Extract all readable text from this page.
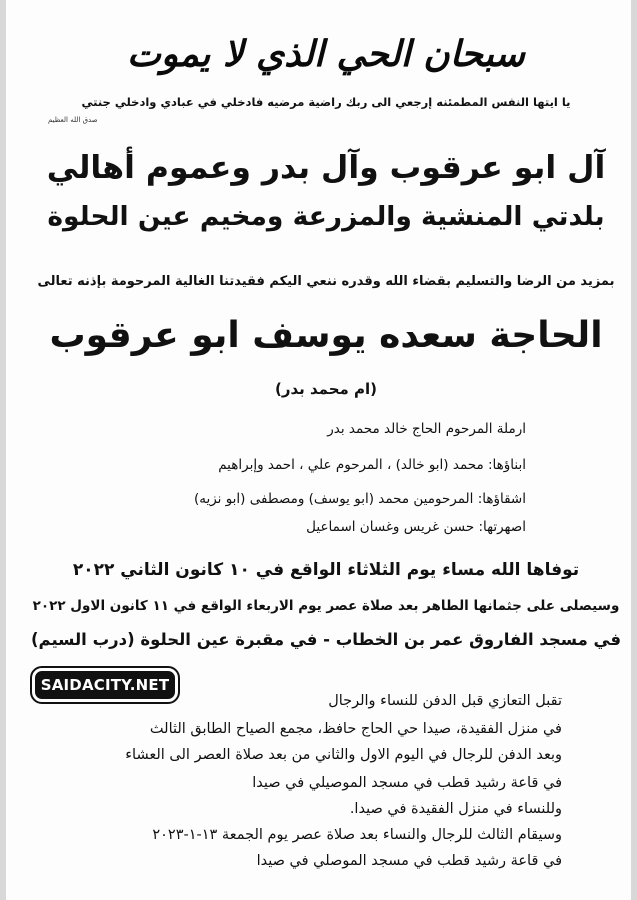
سبحان الحي الذي لا يموت
يا ايتها النفس المطمئنه إرجعي الى ربك راضية مرضيه فادخلي في عبادي وادخلي جنتي
صدق الله العظيم
آل ابو عرقوب وآل بدر وعموم أهالي
بلدتي المنشية والمزرعة ومخيم عين الحلوة
بمزيد من الرضا والتسليم بقضاء الله وقدره ننعي اليكم فقيدتنا الغالية المرحومة بإذنه تعالى
الحاجة سعده يوسف ابو عرقوب
(ام محمد بدر)
ارملة المرحوم الحاج خالد محمد بدر
ابناؤها: محمد (ابو خالد) ، المرحوم علي ، احمد وإبراهيم
اشقاؤها: المرحومين محمد (ابو يوسف) ومصطفى (ابو نزيه)
اصهرتها: حسن غريس وغسان اسماعيل
توفاها الله مساء يوم الثلاثاء الواقع في ١٠ كانون الثاني ٢٠٢٢
وسيصلى على جثمانها الطاهر بعد صلاة عصر يوم الاربعاء الواقع في ١١ كانون الاول ٢٠٢٢
في مسجد الفاروق عمر بن الخطاب - في مقبرة عين الحلوة (درب السيم)
SAIDACITY.NET
تقبل التعازي قبل الدفن للنساء والرجال
في منزل الفقيدة، صيدا حي الحاج حافظ، مجمع الصياح الطابق الثالث
وبعد الدفن للرجال في اليوم الاول والثاني من بعد صلاة العصر الى العشاء
في قاعة رشيد قطب في مسجد الموصيلي في صيدا
وللنساء في منزل الفقيدة في صيدا.
وسيقام الثالث للرجال والنساء بعد صلاة عصر يوم الجمعة ١٣-١-٢٠٢٣
في قاعة رشيد قطب في مسجد الموصلي في صيدا
